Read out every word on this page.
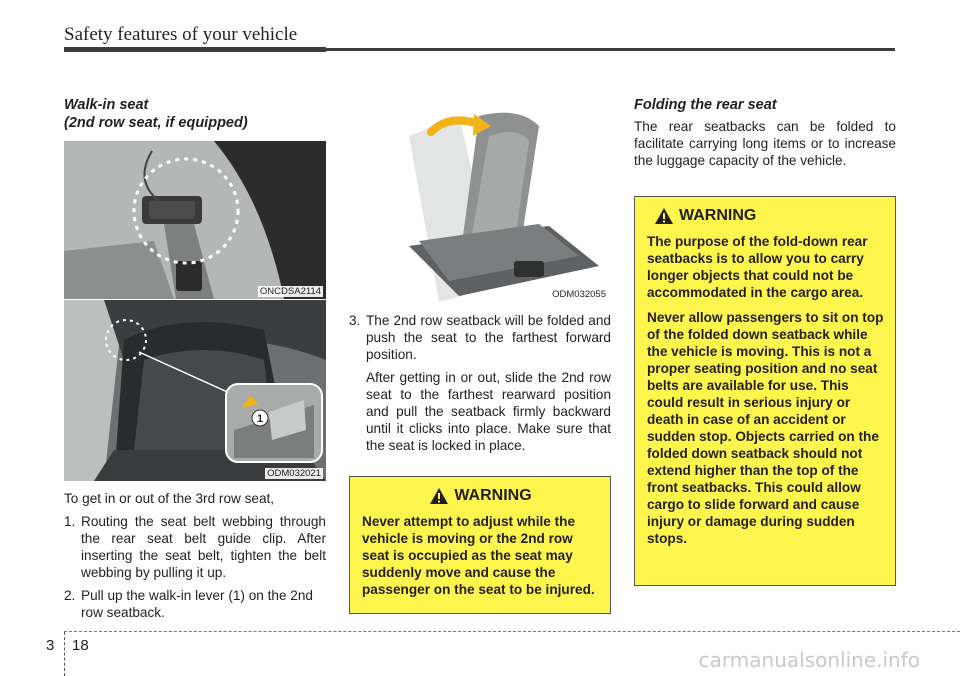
Safety features of your vehicle
Walk-in seat
(2nd row seat, if equipped)
ONCDSA2114
1
ODM032021

To get in or out of the 3rd row seat,

1. Routing the seat belt webbing through the rear seat belt guide clip. After inserting the seat belt, tighten the belt webbing by pulling it up.
2. Pull up the walk-in lever (1) on the 2nd row seatback.
ODM032055
3. The 2nd row seatback will be folded and push the seat to the farthest forward position.
After getting in or out, slide the 2nd row seat to the farthest rearward position and pull the seatback firmly backward until it clicks into place. Make sure that the seat is locked in place.
WARNING
Never attempt to adjust while the vehicle is moving or the 2nd row seat is occupied as the seat may suddenly move and cause the passenger on the seat to be injured.
Folding the rear seat
The rear seatbacks can be folded to facilitate carrying long items or to increase the luggage capacity of the vehicle.
WARNING

The purpose of the fold-down rear seatbacks is to allow you to carry longer objects that could not be accommodated in the cargo area.

Never allow passengers to sit on top of the folded down seatback while the vehicle is moving. This is not a proper seating position and no seat belts are available for use. This could result in serious injury or death in case of an accident or sudden stop. Objects carried on the folded down seatback should not extend higher than the top of the front seatbacks. This could allow cargo to slide forward and cause injury or damage during sudden stops.

3 18
carmanualsonline.info
